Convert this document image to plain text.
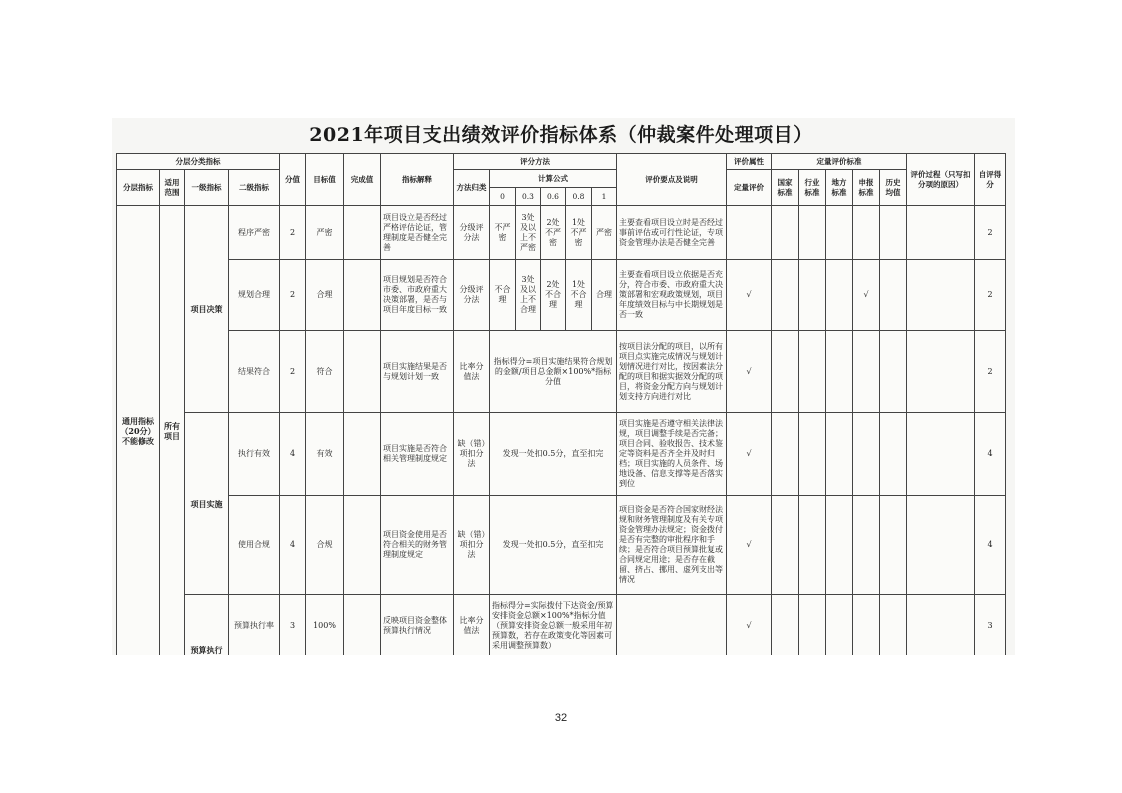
2021年项目支出绩效评价指标体系（仲裁案件处理项目）
分层分类指标				分值	目标值	完成值	指标解释	评分方法						评价要点及说明	评价属性	定量评价标准					评价过程（只写扣分项的原因）	自评得分
分层指标	适用范围	一级指标	二级指标					方法归类	计算公式						定量评价	国家标准	行业标准	地方标准	申报标准	历史均值		
									0	0.3	0.6	0.8	1									
通用指标（20分）不能修改	所有项目	项目决策	程序严密	2	严密		项目设立是否经过严格评估论证，管理制度是否健全完善	分级评分法	不严密	3处及以上不严密	2处不严密	1处不严密	严密	主要查看项目设立时是否经过事前评估或可行性论证，专项资金管理办法是否健全完善								2
			规划合理	2	合理		项目规划是否符合市委、市政府重大决策部署，是否与项目年度目标一致	分级评分法	不合理	3处及以上不合理	2处不合理	1处不合理	合理	主要查看项目设立依据是否充分，符合市委、市政府重大决策部署和宏观政策规划，项目年度绩效目标与中长期规划是否一致	√				√			2
			结果符合	2	符合		项目实施结果是否与规划计划一致	比率分值法	指标得分=项目实施结果符合规划的金额/项目总金额×100%*指标分值					按项目法分配的项目，以所有项目点实施完成情况与规划计划情况进行对比，按因素法分配的项目和据实据效分配的项目，将资金分配方向与规划计划支持方向进行对比	√							2
		项目实施	执行有效	4	有效		项目实施是否符合相关管理制度规定	缺（错）项扣分法	发现一处扣0.5分，直至扣完					项目实施是否遵守相关法律法规，项目调整手续是否完备；项目合同、验收报告、技术鉴定等资料是否齐全并及时归档；项目实施的人员条件、场地设备、信息支撑等是否落实到位	√							4
			使用合规	4	合规		项目资金使用是否符合相关的财务管理制度规定	缺（错）项扣分法	发现一处扣0.5分，直至扣完					项目资金是否符合国家财经法规和财务管理制度及有关专项资金管理办法规定；资金拨付是否有完整的审批程序和手续；是否符合项目预算批复或合同规定用途；是否存在截留、挤占、挪用、虚列支出等情况	√							4
		预算执行	预算执行率	3	100%		反映项目资金整体预算执行情况	比率分值法	指标得分=实际拨付下达资金/预算安排资金总额×100%*指标分值（预算安排资金总额一般采用年初预算数，若存在政策变化等因素可采用调整预算数）						√							3
32
